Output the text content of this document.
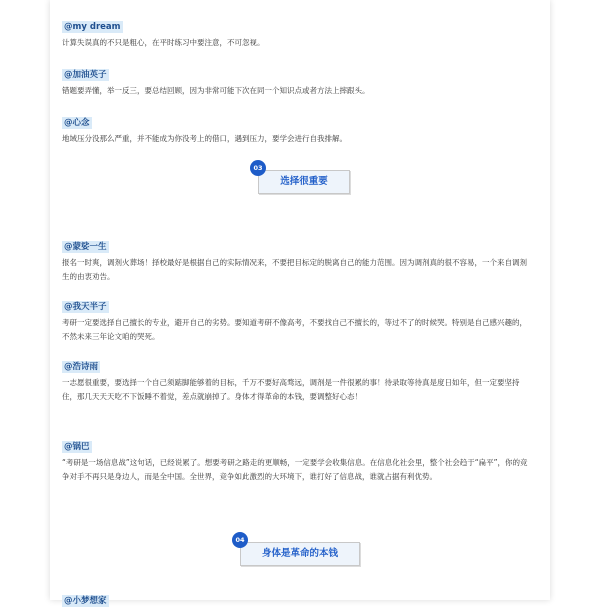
@my dream
计算失误真的不只是粗心，在平时练习中要注意，不可忽视。
@加油英子
错题要弄懂，举一反三，要总结回顾，因为非常可能下次在同一个知识点或者方法上摔跟头。
@心念
地域压分没那么严重，并不能成为你没考上的借口，遇到压力，要学会进行自我排解。
选择很重要
03
@蒙娑一生
报名一时爽，调剂火葬场！择校最好是根据自己的实际情况来，不要把目标定的脱离自己的能力范围。因为调剂真的很不容易，一个来自调剂生的由衷劝告。
@我天半子
考研一定要选择自己擅长的专业，避开自己的劣势。要知道考研不像高考，不要找自己不擅长的，等过不了的时候哭。特别是自己感兴趣的，不然未来三年论文咱的哭死。
@浩诗雨
一志愿很重要，要选择一个自己须踮脚能够着的目标，千万不要好高骛远，调剂是一件很累的事！待录取等待真是度日如年，但一定要坚持住，那几天天天吃不下饭睡不着觉，差点就崩掉了。身体才得革命的本钱，要调整好心态！
@锅巴
“考研是一场信息战”这句话，已经说累了。想要考研之路走的更顺畅，一定要学会收集信息。在信息化社会里，整个社会趋于“扁平”，你的竞争对手不再只是身边人，而是全中国。全世界，竞争如此激烈的大环境下，谁打好了信息战，谁就占据有利优势。
身体是革命的本钱
04
@小梦想家
